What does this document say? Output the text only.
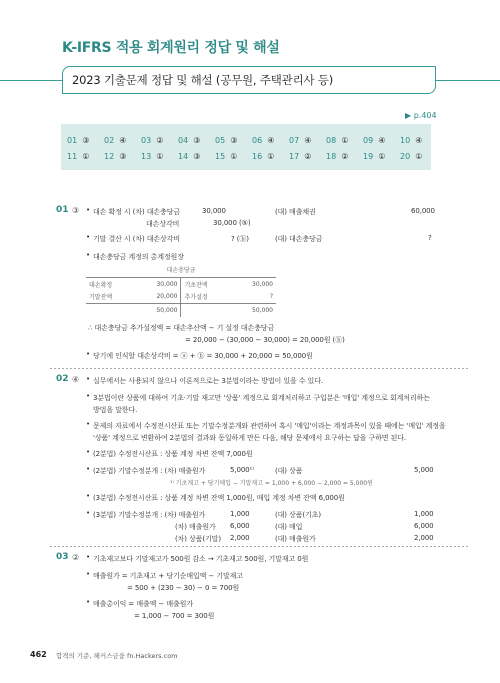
K-IFRS 적용 회계원리 정답 및 해설
2023 기출문제 정답 및 해설 (공무원, 주택관리사 등)
▶ p.404
01 ③ 02 ④ 03 ② 04 ③ 05 ③ 06 ④ 07 ④ 08 ① 09 ④ 10 ④
11 ① 12 ③ 13 ① 14 ③ 15 ① 16 ① 17 ② 18 ② 19 ① 20 ①
01 ③ • 대손 확정 시 (차) 대손충당금	30,000	(대) 매출채권	60,000
대손상각비	30,000 (⑤)
• 기말 결산 시 (차) 대손상각비	? (ⓑ)	(대) 대손충당금	?
• 대손충당금 계정의 총계정원장
대손충당금
대손확정	30,000	기초잔액	30,000
기말잔액	20,000	추가설정	?
	50,000		50,000
∴ 대손충당금 추가설정액 = 대손추산액 − 기 설정 대손충당금
= 20,000 − (30,000 − 30,000) = 20,000원 (ⓑ)
• 당기에 인식할 대손상각비 = ⓐ + ⓑ = 30,000 + 20,000 = 50,000원
02 ④ • 실무에서는 사용되지 않으나 이론적으로는 3분법이라는 방법이 있을 수 있다.
• 3분법이란 상품에 대하여 기초·기말 재고만 '상품' 계정으로 회계처리하고 구입분은 '매입' 계정으로 회계처리하는
방법을 말한다.
• 문제의 자료에서 수정전시산표 또는 기말수정분개와 관련하여 혹시 '매입'이라는 계정과목이 있을 때에는 '매입' 계정을
'상품' 계정으로 변환하여 2분법의 결과와 동일하게 만든 다음, 해당 문제에서 요구하는 답을 구하면 된다.
• (2분법) 수정전시산표 : 상품 계정 차변 잔액 7,000원
• (2분법) 기말수정분개 : (차) 매출원가	5,000¹⁾	(대) 상품	5,000
¹⁾ 기초재고 + 당기매입 − 기말재고 = 1,000 + 6,000 − 2,000 = 5,000원
• (3분법) 수정전시산표 : 상품 계정 차변 잔액 1,000원, 매입 계정 차변 잔액 6,000원
• (3분법) 기말수정분개 : (차) 매출원가	1,000	(대) 상품(기초)	1,000
(차) 매출원가 6,000	(대) 매입	6,000
(차) 상품(기말) 2,000	(대) 매출원가	2,000
03 ② • 기초재고보다 기말재고가 500원 감소 → 기초재고 500원, 기말재고 0원
• 매출원가 = 기초재고 + 당기순매입액 − 기말재고
= 500 + (230 − 30) − 0 = 700원
• 매출총이익 = 매출액 − 매출원가
= 1,000 − 700 = 300원
462 합격의 기준, 해커스금융 fn.Hackers.com
